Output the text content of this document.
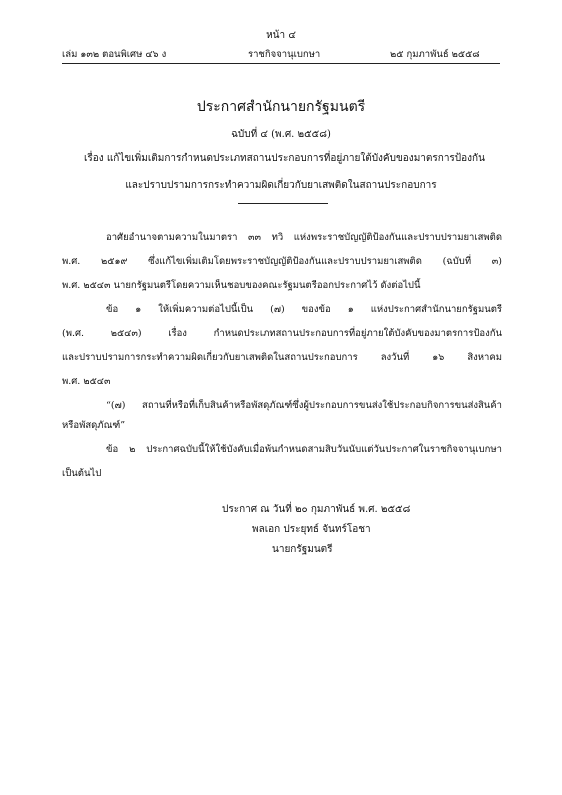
หน้า ๔
เล่ม ๑๓๒ ตอนพิเศษ ๔๖ ง	ราชกิจจานุเบกษา	๒๕ กุมภาพันธ์ ๒๕๕๘
ประกาศสำนักนายกรัฐมนตรี
ฉบับที่ ๔ (พ.ศ. ๒๕๕๘)
เรื่อง แก้ไขเพิ่มเติมการกำหนดประเภทสถานประกอบการที่อยู่ภายใต้บังคับของมาตรการป้องกัน
และปราบปรามการกระทำความผิดเกี่ยวกับยาเสพติดในสถานประกอบการ
อาศัยอำนาจตามความในมาตรา ๓๓ ทวิ แห่งพระราชบัญญัติป้องกันและปราบปรามยาเสพติด
พ.ศ. ๒๕๑๙ ซึ่งแก้ไขเพิ่มเติมโดยพระราชบัญญัติป้องกันและปราบปรามยาเสพติด (ฉบับที่ ๓)
พ.ศ. ๒๕๔๓ นายกรัฐมนตรีโดยความเห็นชอบของคณะรัฐมนตรีออกประกาศไว้ ดังต่อไปนี้
ข้อ ๑ ให้เพิ่มความต่อไปนี้เป็น (๗) ของข้อ ๑ แห่งประกาศสำนักนายกรัฐมนตรี
(พ.ศ. ๒๕๔๓) เรื่อง กำหนดประเภทสถานประกอบการที่อยู่ภายใต้บังคับของมาตรการป้องกัน
และปราบปรามการกระทำความผิดเกี่ยวกับยาเสพติดในสถานประกอบการ ลงวันที่ ๑๖ สิงหาคม
พ.ศ. ๒๕๔๓
“(๗) สถานที่หรือที่เก็บสินค้าหรือพัสดุภัณฑ์ซึ่งผู้ประกอบการขนส่งใช้ประกอบกิจการขนส่งสินค้า
หรือพัสดุภัณฑ์”
ข้อ ๒ ประกาศฉบับนี้ให้ใช้บังคับเมื่อพ้นกำหนดสามสิบวันนับแต่วันประกาศในราชกิจจานุเบกษา
เป็นต้นไป
ประกาศ ณ วันที่ ๒๐ กุมภาพันธ์ พ.ศ. ๒๕๕๘
พลเอก ประยุทธ์ จันทร์โอชา
นายกรัฐมนตรี
